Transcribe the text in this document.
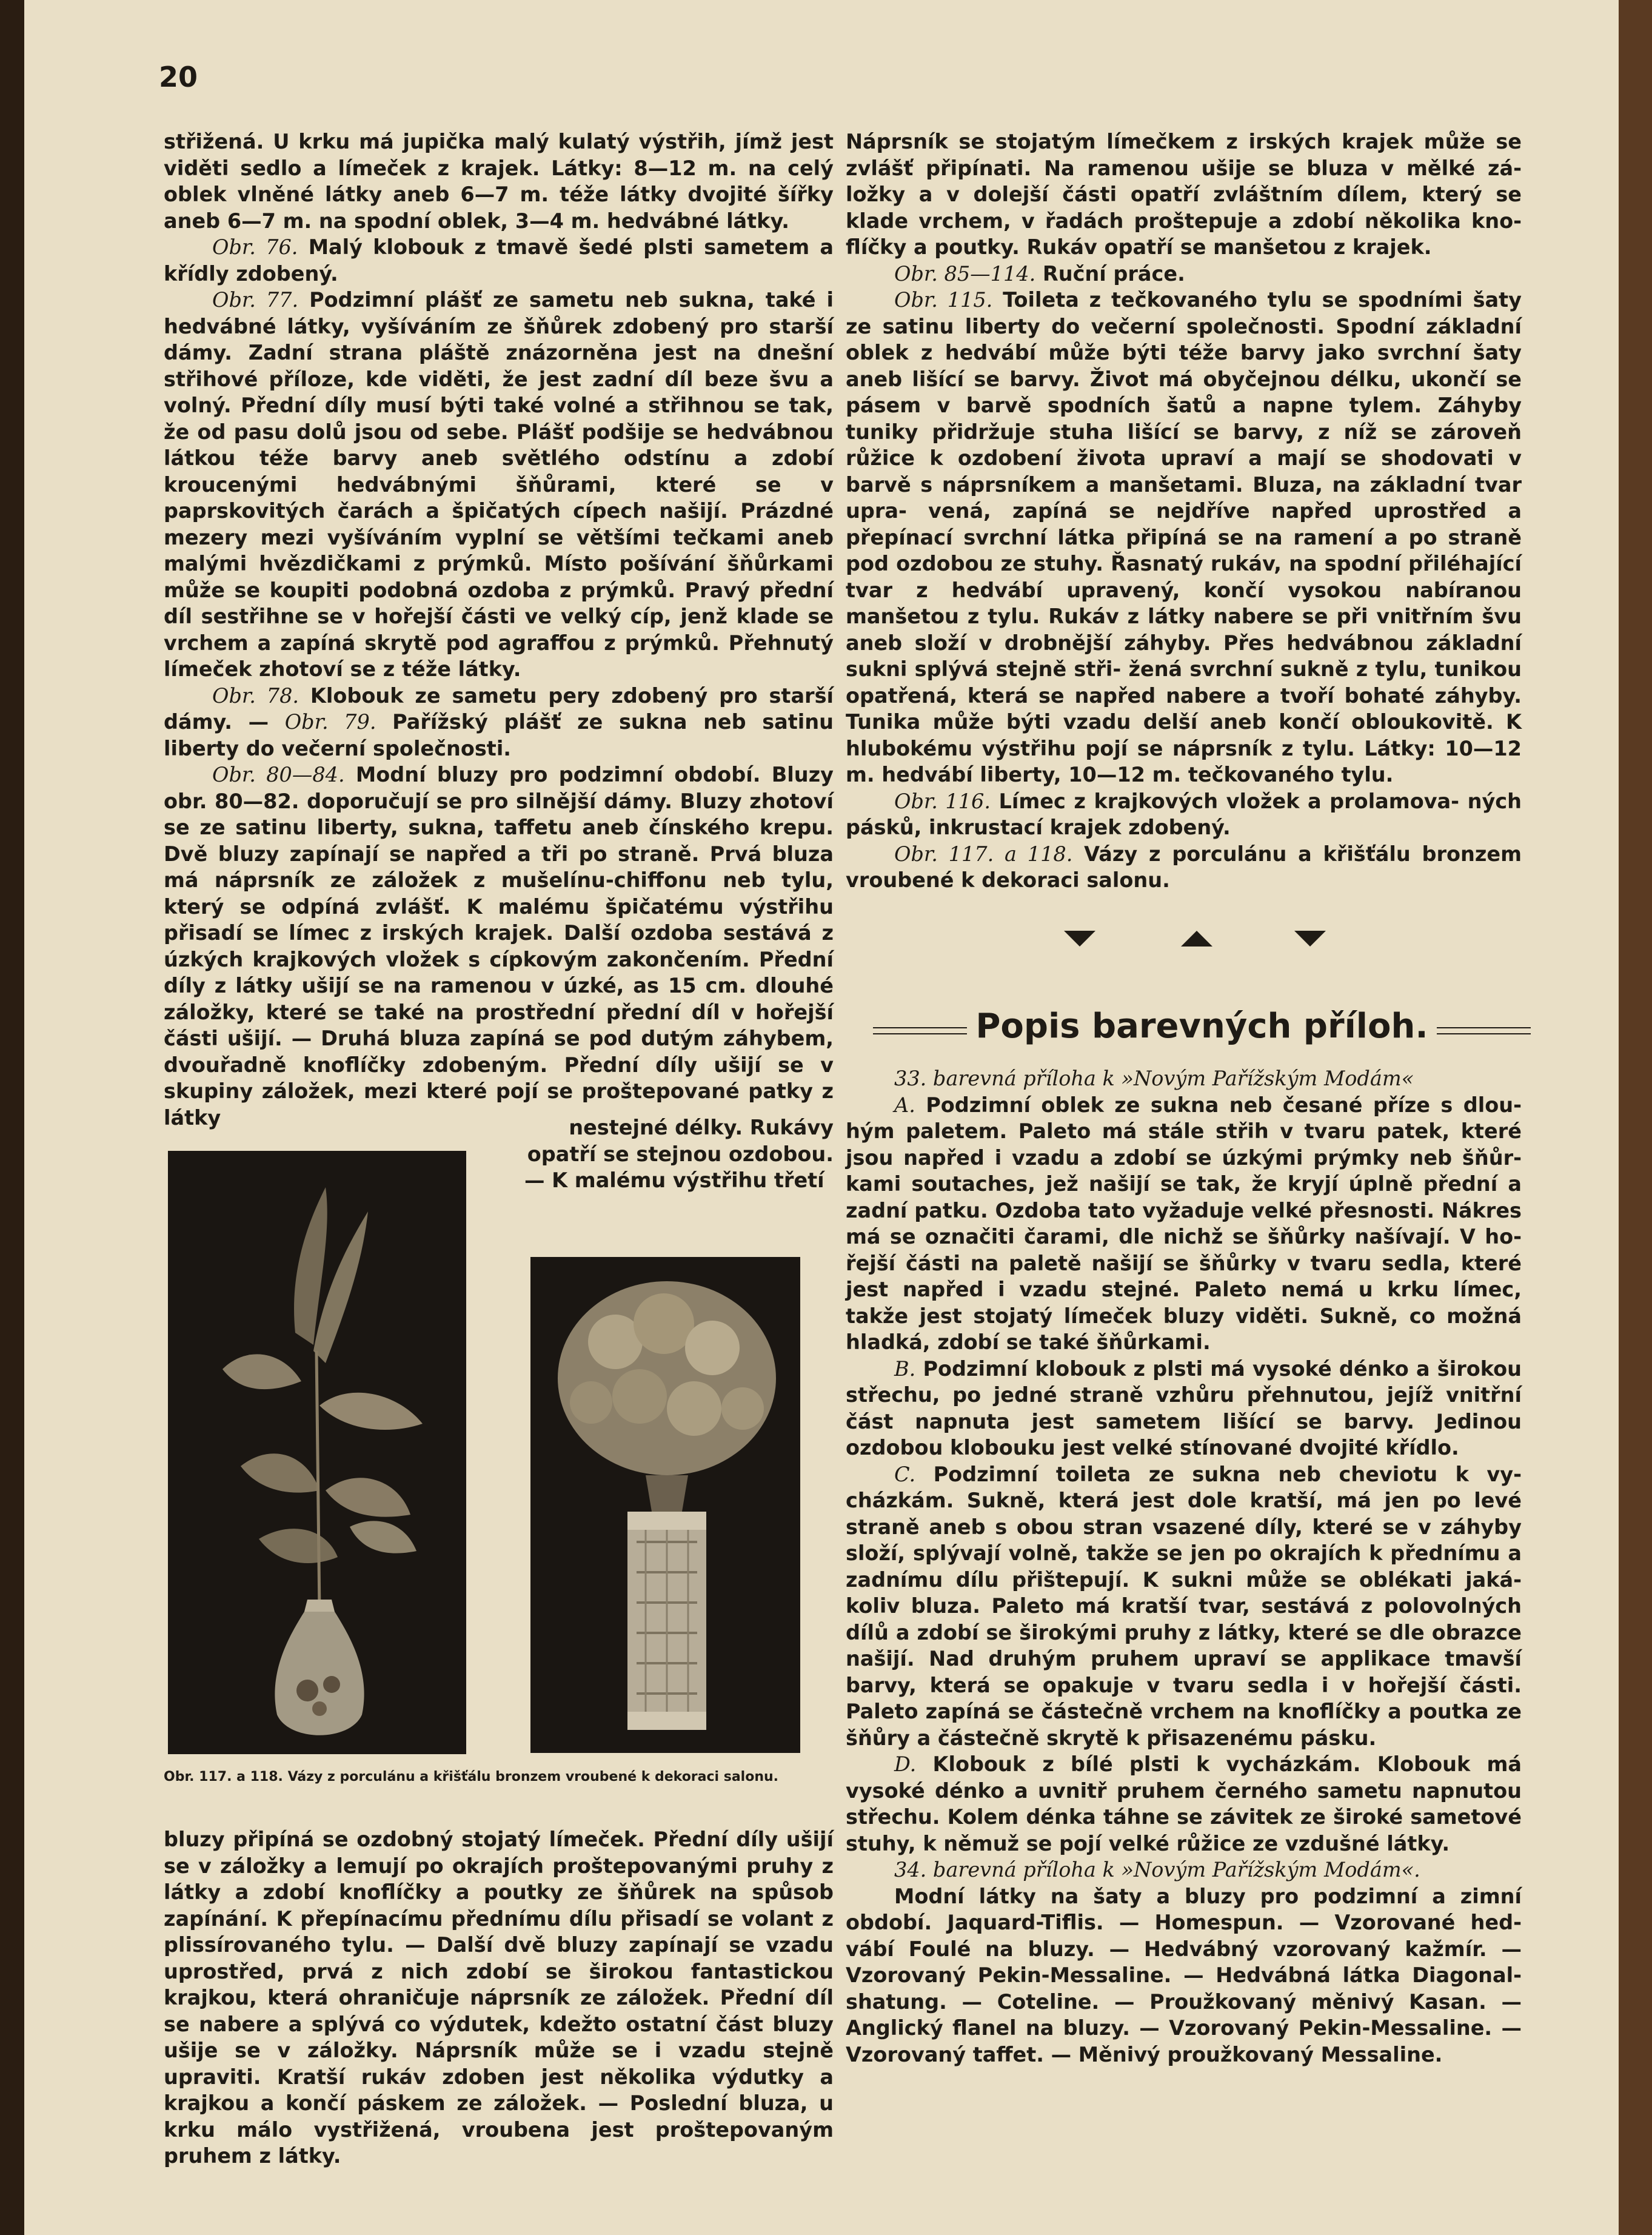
20

střižená. U krku má jupička malý kulatý výstřih, jímž jest viděti sedlo a límeček z krajek. Látky: 8—12 m. na celý oblek vlněné látky aneb 6—7 m. téže látky dvojité šířky aneb 6—7 m. na spodní oblek, 3—4 m. hedvábné látky.

Obr. 76. Malý klobouk z tmavě šedé plsti sametem a křídly zdobený.

Obr. 77. Podzimní plášť ze sametu neb sukna, také i hedvábné látky, vyšíváním ze šňůrek zdobený pro starší dámy. Zadní strana pláště znázorněna jest na dnešní střihové příloze, kde viděti, že jest zadní díl beze švu a volný. Přední díly musí býti také volné a střihnou se tak, že od pasu dolů jsou od sebe. Plášť podšije se hedvábnou látkou téže barvy aneb světlého odstínu a zdobí kroucenými hedvábnými šňůrami, které se v paprskovitých čarách a špičatých cípech našijí. Prázdné mezery mezi vyšíváním vyplní se většími tečkami aneb malými hvězdičkami z prýmků. Místo pošívání šňůrkami může se koupiti podobná ozdoba z prýmků. Pravý přední díl sestřihne se v hořejší části ve velký cíp, jenž klade se vrchem a zapíná skrytě pod agraffou z prýmků. Přehnutý límeček zhotoví se z téže látky.

Obr. 78. Klobouk ze sametu pery zdobený pro starší dámy. — Obr. 79. Pařížský plášť ze sukna neb satinu liberty do večerní společnosti.

Obr. 80—84. Modní bluzy pro podzimní období. Bluzy obr. 80—82. doporučují se pro silnější dámy. Bluzy zhotoví se ze satinu liberty, sukna, taffetu aneb čínského krepu. Dvě bluzy zapínají se napřed a tři po straně. Prvá bluza má náprsník ze záložek z mušelínu-chiffonu neb tylu, který se odpíná zvlášť. K malému špičatému výstřihu přisadí se límec z irských krajek. Další ozdoba sestává z úzkých krajkových vložek s cípkovým zakončením. Přední díly z látky ušijí se na ramenou v úzké, as 15 cm. dlouhé záložky, které se také na prostřední přední díl v hořejší části ušijí. — Druhá bluza zapíná se pod dutým záhybem, dvouřadně knoflíčky zdobeným. Přední díly ušijí se v skupiny záložek, mezi které pojí se proštepované patky z látky	nestejné délky. Rukávy opatří se stejnou ozdobou. — K malému výstřihu třetí

Obr. 117. a 118. Vázy z porculánu a křišťálu bronzem vroubené k dekoraci salonu.

bluzy připíná se ozdobný stojatý límeček. Přední díly ušijí se v záložky a lemují po okrajích proštepovanými pruhy z látky a zdobí knoflíčky a poutky ze šňůrek na spůsob zapínání. K přepínacímu přednímu dílu přisadí se volant z plissírovaného tylu. — Další dvě bluzy zapínají se vzadu uprostřed, prvá z nich zdobí se širokou fantastickou krajkou, která ohraničuje náprsník ze záložek. Přední díl se nabere a splývá co výdutek, kdežto ostatní část bluzy ušije se v záložky. Náprsník může se i vzadu stejně upraviti. Kratší rukáv zdoben jest několika výdutky a krajkou a končí páskem ze záložek. — Poslední bluza, u krku málo vystřižená, vroubena jest proštepovaným pruhem z látky.

Náprsník se stojatým límečkem z irských krajek může se zvlášť připínati. Na ramenou ušije se bluza v mělké zá- ložky a v dolejší části opatří zvláštním dílem, který se klade vrchem, v řadách proštepuje a zdobí několika kno- flíčky a poutky. Rukáv opatří se manšetou z krajek.

Obr. 85—114. Ruční práce.

Obr. 115. Toileta z tečkovaného tylu se spodními šaty ze satinu liberty do večerní společnosti. Spodní základní oblek z hedvábí může býti téže barvy jako svrchní šaty aneb lišící se barvy. Život má obyčejnou délku, ukončí se pásem v barvě spodních šatů a napne tylem. Záhyby tuniky přidržuje stuha lišící se barvy, z níž se zároveň růžice k ozdobení života upraví a mají se shodovati v barvě s náprsníkem a manšetami. Bluza, na základní tvar upra- vená, zapíná se nejdříve napřed uprostřed a přepínací svrchní látka připíná se na ramení a po straně pod ozdobou ze stuhy. Řasnatý rukáv, na spodní přiléhající tvar z hedvábí upravený, končí vysokou nabíranou manšetou z tylu. Rukáv z látky nabere se při vnitřním švu aneb složí v drobnější záhyby. Přes hedvábnou základní sukni splývá stejně stři- žená svrchní sukně z tylu, tunikou opatřená, která se napřed nabere a tvoří bohaté záhyby. Tunika může býti vzadu delší aneb končí obloukovitě. K hlubokému výstřihu pojí se náprsník z tylu. Látky: 10—12 m. hedvábí liberty, 10—12 m. tečkovaného tylu.

Obr. 116. Límec z krajkových vložek a prolamova- ných pásků, inkrustací krajek zdobený.

Obr. 117. a 118. Vázy z porculánu a křišťálu bronzem vroubené k dekoraci salonu.

Popis barevných příloh.

33. barevná příloha k »Novým Pařížským Modám«

A. Podzimní oblek ze sukna neb česané příze s dlou- hým paletem. Paleto má stále střih v tvaru patek, které jsou napřed i vzadu a zdobí se úzkými prýmky neb šňůr- kami soutaches, jež našijí se tak, že kryjí úplně přední a zadní patku. Ozdoba tato vyžaduje velké přesnosti. Nákres má se označiti čarami, dle nichž se šňůrky našívají. V ho- řejší části na paletě našijí se šňůrky v tvaru sedla, které jest napřed i vzadu stejné. Paleto nemá u krku límec, takže jest stojatý límeček bluzy viděti. Sukně, co možná hladká, zdobí se také šňůrkami.

B. Podzimní klobouk z plsti má vysoké dénko a širokou střechu, po jedné straně vzhůru přehnutou, jejíž vnitřní část napnuta jest sametem lišící se barvy. Jedinou ozdobou klobouku jest velké stínované dvojité křídlo.

C. Podzimní toileta ze sukna neb cheviotu k vy- cházkám. Sukně, která jest dole kratší, má jen po levé straně aneb s obou stran vsazené díly, které se v záhyby složí, splývají volně, takže se jen po okrajích k přednímu a zadnímu dílu přištepují. K sukni může se oblékati jaká- koliv bluza. Paleto má kratší tvar, sestává z polovolných dílů a zdobí se širokými pruhy z látky, které se dle obrazce našijí. Nad druhým pruhem upraví se applikace tmavší barvy, která se opakuje v tvaru sedla i v hořejší části. Paleto zapíná se částečně vrchem na knoflíčky a poutka ze šňůry a částečně skrytě k přisazenému pásku.

D. Klobouk z bílé plsti k vycházkám. Klobouk má vysoké dénko a uvnitř pruhem černého sametu napnutou střechu. Kolem dénka táhne se závitek ze široké sametové stuhy, k němuž se pojí velké růžice ze vzdušné látky.

34. barevná příloha k »Novým Pařížským Modám«.

Modní látky na šaty a bluzy pro podzimní a zimní období. Jaquard-Tiflis. — Homespun. — Vzorované hed- vábí Foulé na bluzy. — Hedvábný vzorovaný kažmír. — Vzorovaný Pekin-Messaline. — Hedvábná látka Diagonal- shatung. — Coteline. — Proužkovaný měnivý Kasan. — Anglický flanel na bluzy. — Vzorovaný Pekin-Messaline. — Vzorovaný taffet. — Měnivý proužkovaný Messaline.
